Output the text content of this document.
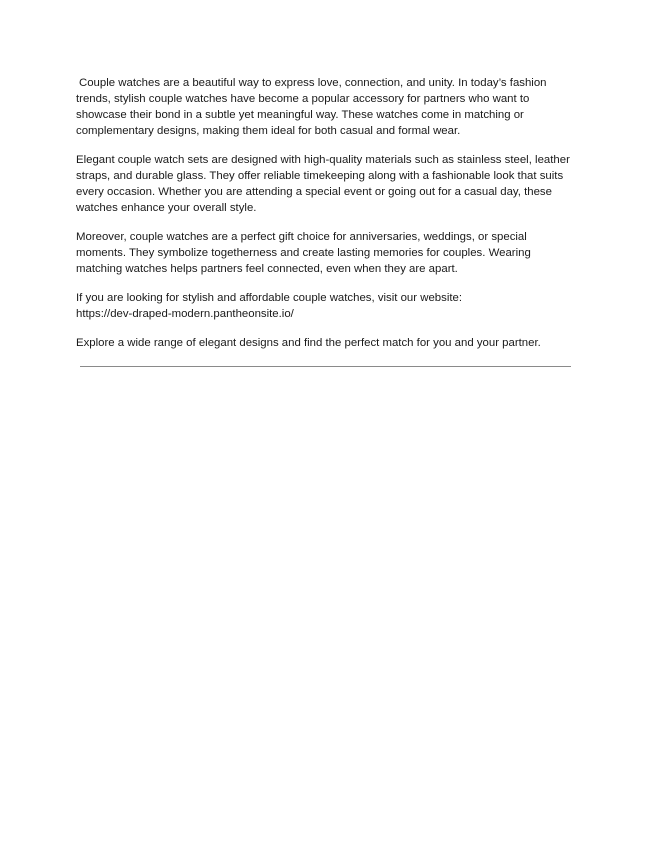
Couple watches are a beautiful way to express love, connection, and unity. In today’s fashion trends, stylish couple watches have become a popular accessory for partners who want to showcase their bond in a subtle yet meaningful way. These watches come in matching or complementary designs, making them ideal for both casual and formal wear.

Elegant couple watch sets are designed with high-quality materials such as stainless steel, leather straps, and durable glass. They offer reliable timekeeping along with a fashionable look that suits every occasion. Whether you are attending a special event or going out for a casual day, these watches enhance your overall style.

Moreover, couple watches are a perfect gift choice for anniversaries, weddings, or special moments. They symbolize togetherness and create lasting memories for couples. Wearing matching watches helps partners feel connected, even when they are apart.

If you are looking for stylish and affordable couple watches, visit our website:
https://dev-draped-modern.pantheonsite.io/

Explore a wide range of elegant designs and find the perfect match for you and your partner.
